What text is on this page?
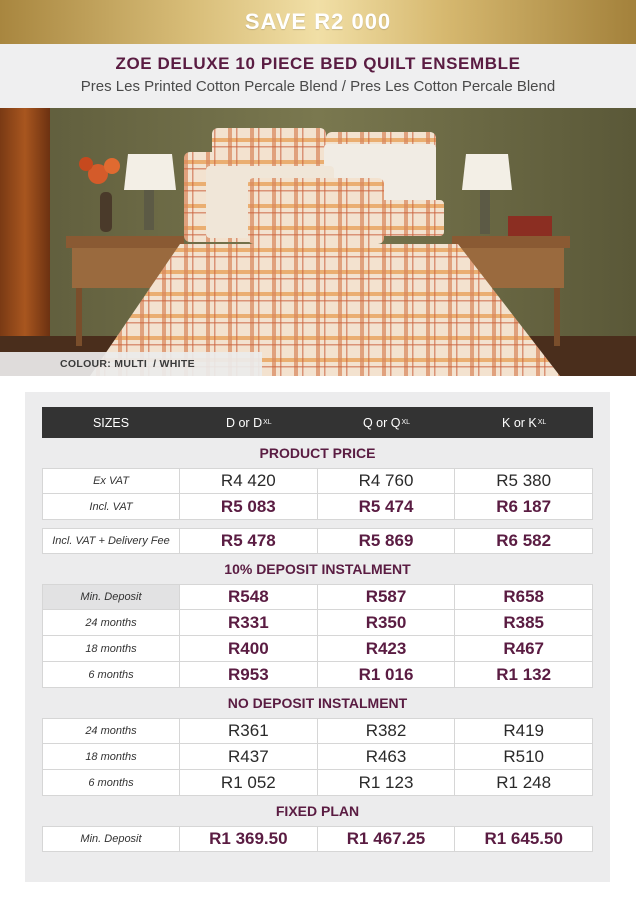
SAVE R2 000
ZOE DELUXE 10 PIECE BED QUILT ENSEMBLE
Pres Les Printed Cotton Percale Blend / Pres Les Cotton Percale Blend
COLOUR: MULTI / WHITE
SIZES	D or D XL	Q or Q XL	K or K XL
PRODUCT PRICE
Ex VAT	R4 420	R4 760	R5 380
Incl. VAT	R5 083	R5 474	R6 187
Incl. VAT + Delivery Fee	R5 478	R5 869	R6 582
10% DEPOSIT INSTALMENT
Min. Deposit	R548	R587	R658
24 months	R331	R350	R385
18 months	R400	R423	R467
6 months	R953	R1 016	R1 132
NO DEPOSIT INSTALMENT
24 months	R361	R382	R419
18 months	R437	R463	R510
6 months	R1 052	R1 123	R1 248
FIXED PLAN
Min. Deposit	R1 369.50	R1 467.25	R1 645.50
